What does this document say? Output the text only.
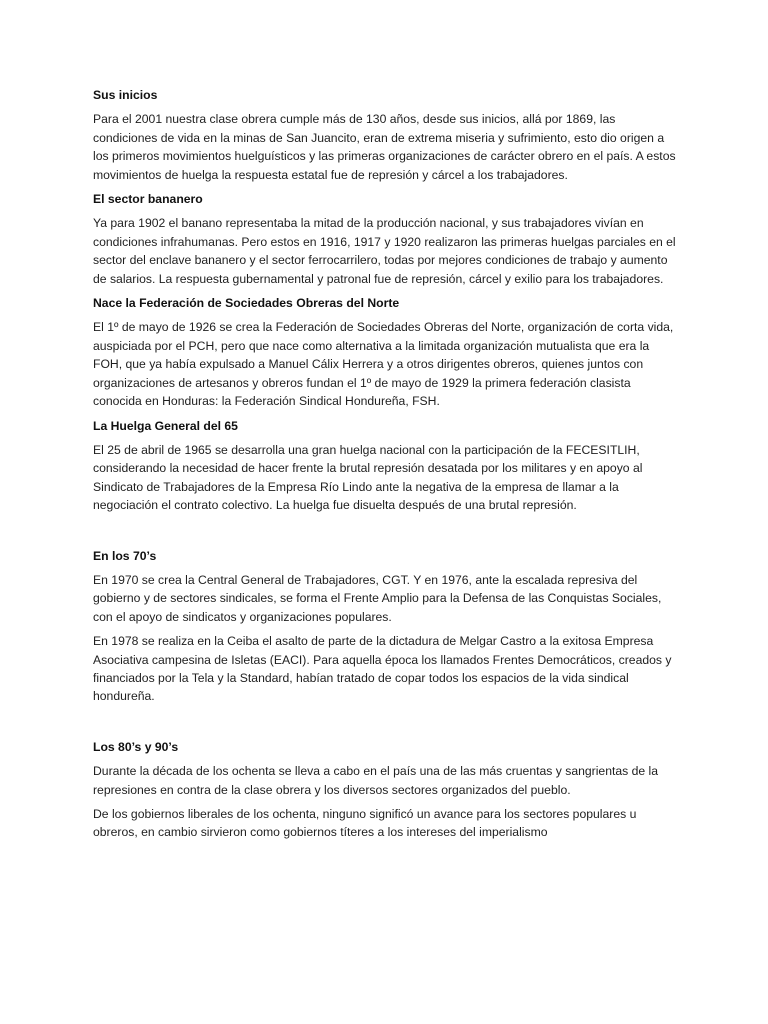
Sus inicios
Para el 2001 nuestra clase obrera cumple más de 130 años, desde sus inicios, allá por 1869, las condiciones de vida en la minas de San Juancito, eran de extrema miseria y sufrimiento, esto dio origen a los primeros movimientos huelguísticos y las primeras organizaciones de carácter obrero en el país. A estos movimientos de huelga la respuesta estatal fue de represión y cárcel a los trabajadores.
El sector bananero
Ya para 1902 el banano representaba la mitad de la producción nacional, y sus trabajadores vivían en condiciones infrahumanas. Pero estos en 1916, 1917 y 1920 realizaron las primeras huelgas parciales en el sector del enclave bananero y el sector ferrocarrilero, todas por mejores condiciones de trabajo y aumento de salarios. La respuesta gubernamental y patronal fue de represión, cárcel y exilio para los trabajadores.
Nace la Federación de Sociedades Obreras del Norte
El 1º de mayo de 1926 se crea la Federación de Sociedades Obreras del Norte, organización de corta vida, auspiciada por el PCH, pero que nace como alternativa a la limitada organización mutualista que era la FOH, que ya había expulsado a Manuel Cálix Herrera y a otros dirigentes obreros, quienes juntos con organizaciones de artesanos y obreros fundan el 1º de mayo de 1929 la primera federación clasista conocida en Honduras: la Federación Sindical Hondureña, FSH.
La Huelga General del 65
El 25 de abril de 1965 se desarrolla una gran huelga nacional con la participación de la FECESITLIH, considerando la necesidad de hacer frente la brutal represión desatada por los militares y en apoyo al Sindicato de Trabajadores de la Empresa Río Lindo ante la negativa de la empresa de llamar a la negociación el contrato colectivo. La huelga fue disuelta después de una brutal represión.
En los 70’s
En 1970 se crea la Central General de Trabajadores, CGT. Y en 1976, ante la escalada represiva del gobierno y de sectores sindicales, se forma el Frente Amplio para la Defensa de las Conquistas Sociales, con el apoyo de sindicatos y organizaciones populares.
En 1978 se realiza en la Ceiba el asalto de parte de la dictadura de Melgar Castro a la exitosa Empresa Asociativa campesina de Isletas (EACI). Para aquella época los llamados Frentes Democráticos, creados y financiados por la Tela y la Standard, habían tratado de copar todos los espacios de la vida sindical hondureña.
Los 80’s y 90’s
Durante la década de los ochenta se lleva a cabo en el país una de las más cruentas y sangrientas de la represiones en contra de la clase obrera y los diversos sectores organizados del pueblo.
De los gobiernos liberales de los ochenta, ninguno significó un avance para los sectores populares u obreros, en cambio sirvieron como gobiernos títeres a los intereses del imperialismo
